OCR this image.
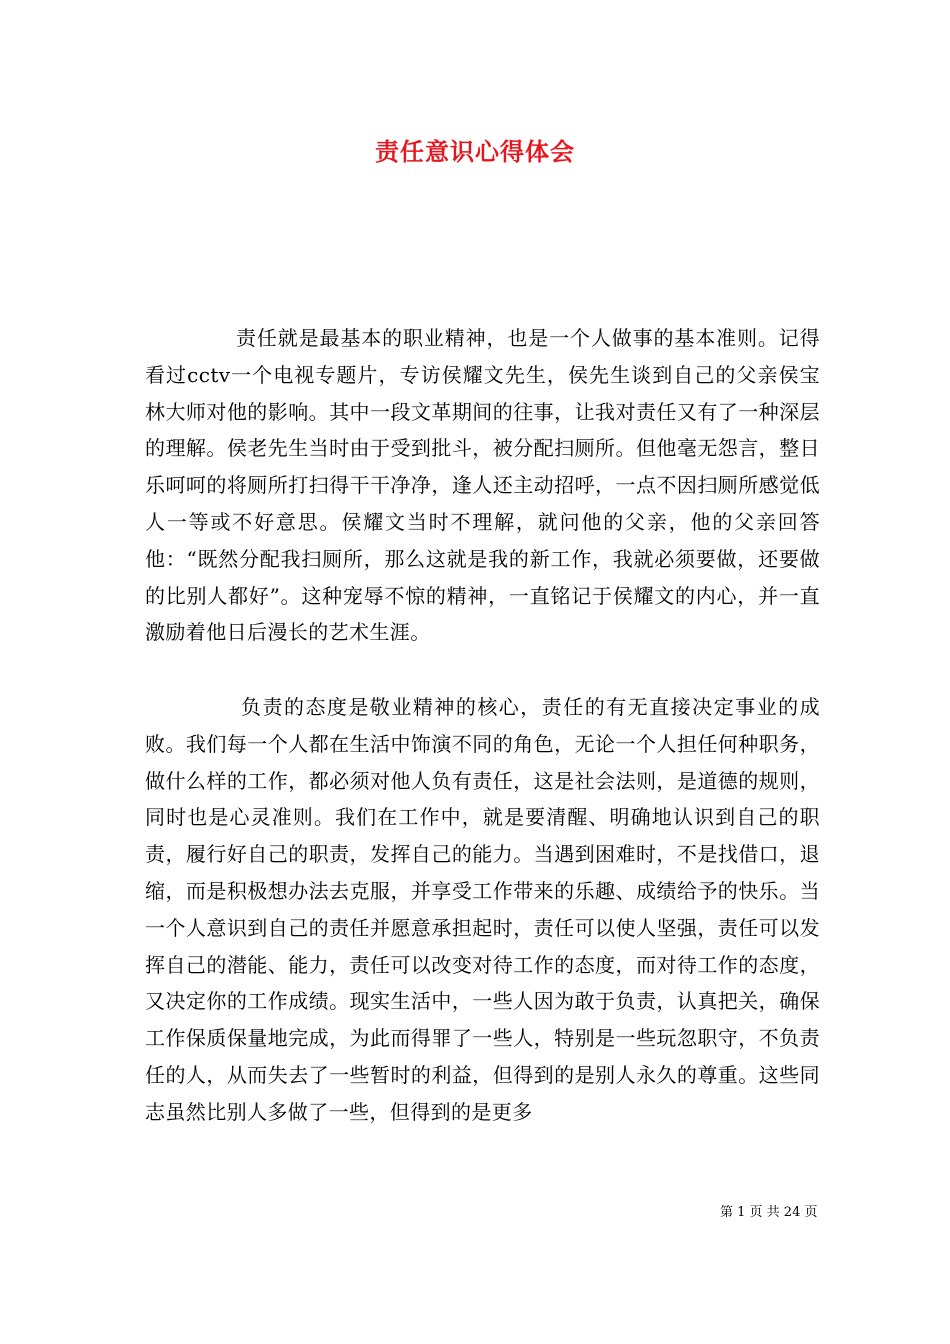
责任意识心得体会

责任就是最基本的职业精神，也是一个人做事的基本准则。记得看过cctv一个电视专题片，专访侯耀文先生，侯先生谈到自己的父亲侯宝林大师对他的影响。其中一段文革期间的往事，让我对责任又有了一种深层的理解。侯老先生当时由于受到批斗，被分配扫厕所。但他毫无怨言，整日乐呵呵的将厕所打扫得干干净净，逢人还主动招呼，一点不因扫厕所感觉低人一等或不好意思。侯耀文当时不理解，就问他的父亲，他的父亲回答他：“既然分配我扫厕所，那么这就是我的新工作，我就必须要做，还要做的比别人都好”。这种宠辱不惊的精神，一直铭记于侯耀文的内心，并一直激励着他日后漫长的艺术生涯。

负责的态度是敬业精神的核心，责任的有无直接决定事业的成败。我们每一个人都在生活中饰演不同的角色，无论一个人担任何种职务，做什么样的工作，都必须对他人负有责任，这是社会法则，是道德的规则，同时也是心灵准则。我们在工作中，就是要清醒、明确地认识到自己的职责，履行好自己的职责，发挥自己的能力。当遇到困难时，不是找借口，退缩，而是积极想办法去克服，并享受工作带来的乐趣、成绩给予的快乐。当一个人意识到自己的责任并愿意承担起时，责任可以使人坚强，责任可以发挥自己的潜能、能力，责任可以改变对待工作的态度，而对待工作的态度，又决定你的工作成绩。现实生活中，一些人因为敢于负责，认真把关，确保工作保质保量地完成，为此而得罪了一些人，特别是一些玩忽职守，不负责任的人，从而失去了一些暂时的利益，但得到的是别人永久的尊重。这些同志虽然比别人多做了一些，但得到的是更多

第 1 页 共 24 页
